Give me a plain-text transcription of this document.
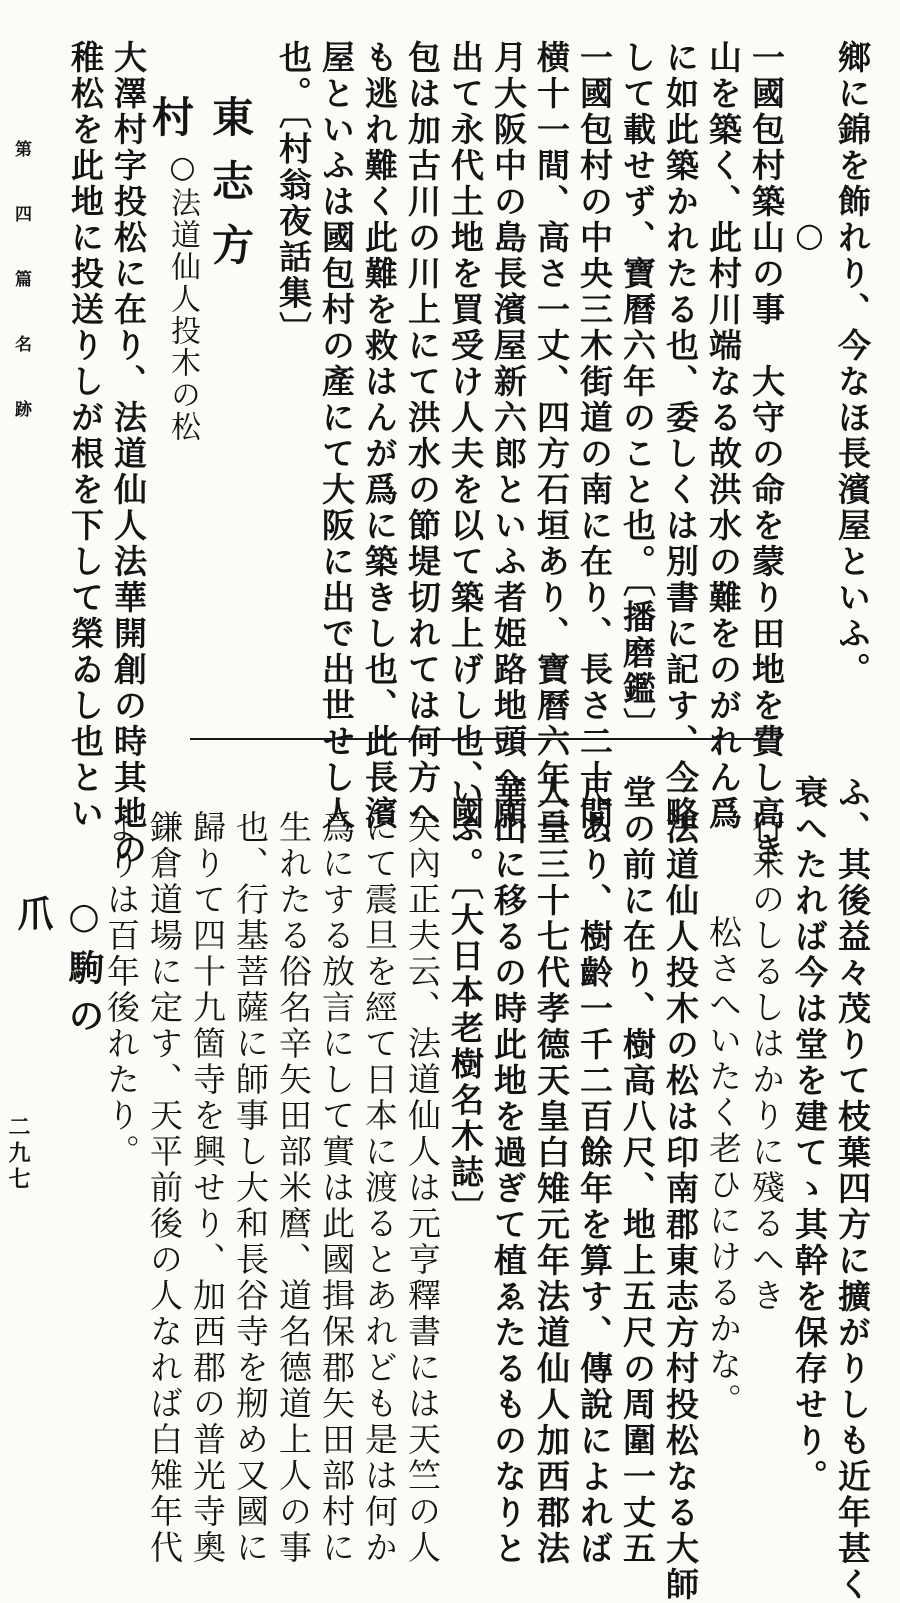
鄉に錦を飾れり、今なほ長濱屋といふ。

○

一國包村築山の事　大守の命を蒙り田地を費し高き

山を築く、此村川端なる故洪水の難をのがれん爲

に如此築かれたる也、委しくは別書に記す、今略

して載せず、寶曆六年のこと也。〔播磨鑑〕

一國包村の中央三木街道の南に在り、長さ二十間、

横十一間、高さ一丈、四方石垣あり、寶曆六年三

月大阪中の島長濱屋新六郎といふ者姫路地頭へ願

出て永代土地を買受け人夫を以て築上げし也、國

包は加古川の川上にて洪水の節堤切れては何方へ

も逃れ難く此難を救はんが爲に築きし也、此長濱

屋といふは國包村の產にて大阪に出で出世せし人

也。〔村翁夜話集〕

東志方村
○法道仙人投木の松

大澤村字投松に在り、法道仙人法華開創の時其地の

稚松を此地に投送りしが根を下して榮ゐし也とい

第四篇名跡

ふ、其後益々茂りて枝葉四方に擴がりしも近年甚く

衰へたれば今は堂を建てゝ其幹を保存せり。

行末のしるしはかりに殘るへき

松さへいたく老ひにけるかな。

一法道仙人投木の松は印南郡東志方村投松なる大師

堂の前に在り、樹高八尺、地上五尺の周圍一丈五

尺あり、樹齡一千二百餘年を算す、傳說によれば

人皇三十七代孝德天皇白雉元年法道仙人加西郡法

華山に移るの時此地を過ぎて植ゑたるものなりと

いふ。〔大日本老樹名木誌〕

矢內正夫云、法道仙人は元亨釋書には天竺の人

にて震旦を經て日本に渡るとあれども是は何か

爲にする放言にして實は此國揖保郡矢田部村に

生れたる俗名辛矢田部米麿、道名德道上人の事

也、行基菩薩に師事し大和長谷寺を剏め又國に

歸りて四十九箇寺を興せり、加西郡の普光寺奧

鎌倉道場に定す、天平前後の人なれば白雉年代

よりは百年後れたり。

○駒の爪
二九七
